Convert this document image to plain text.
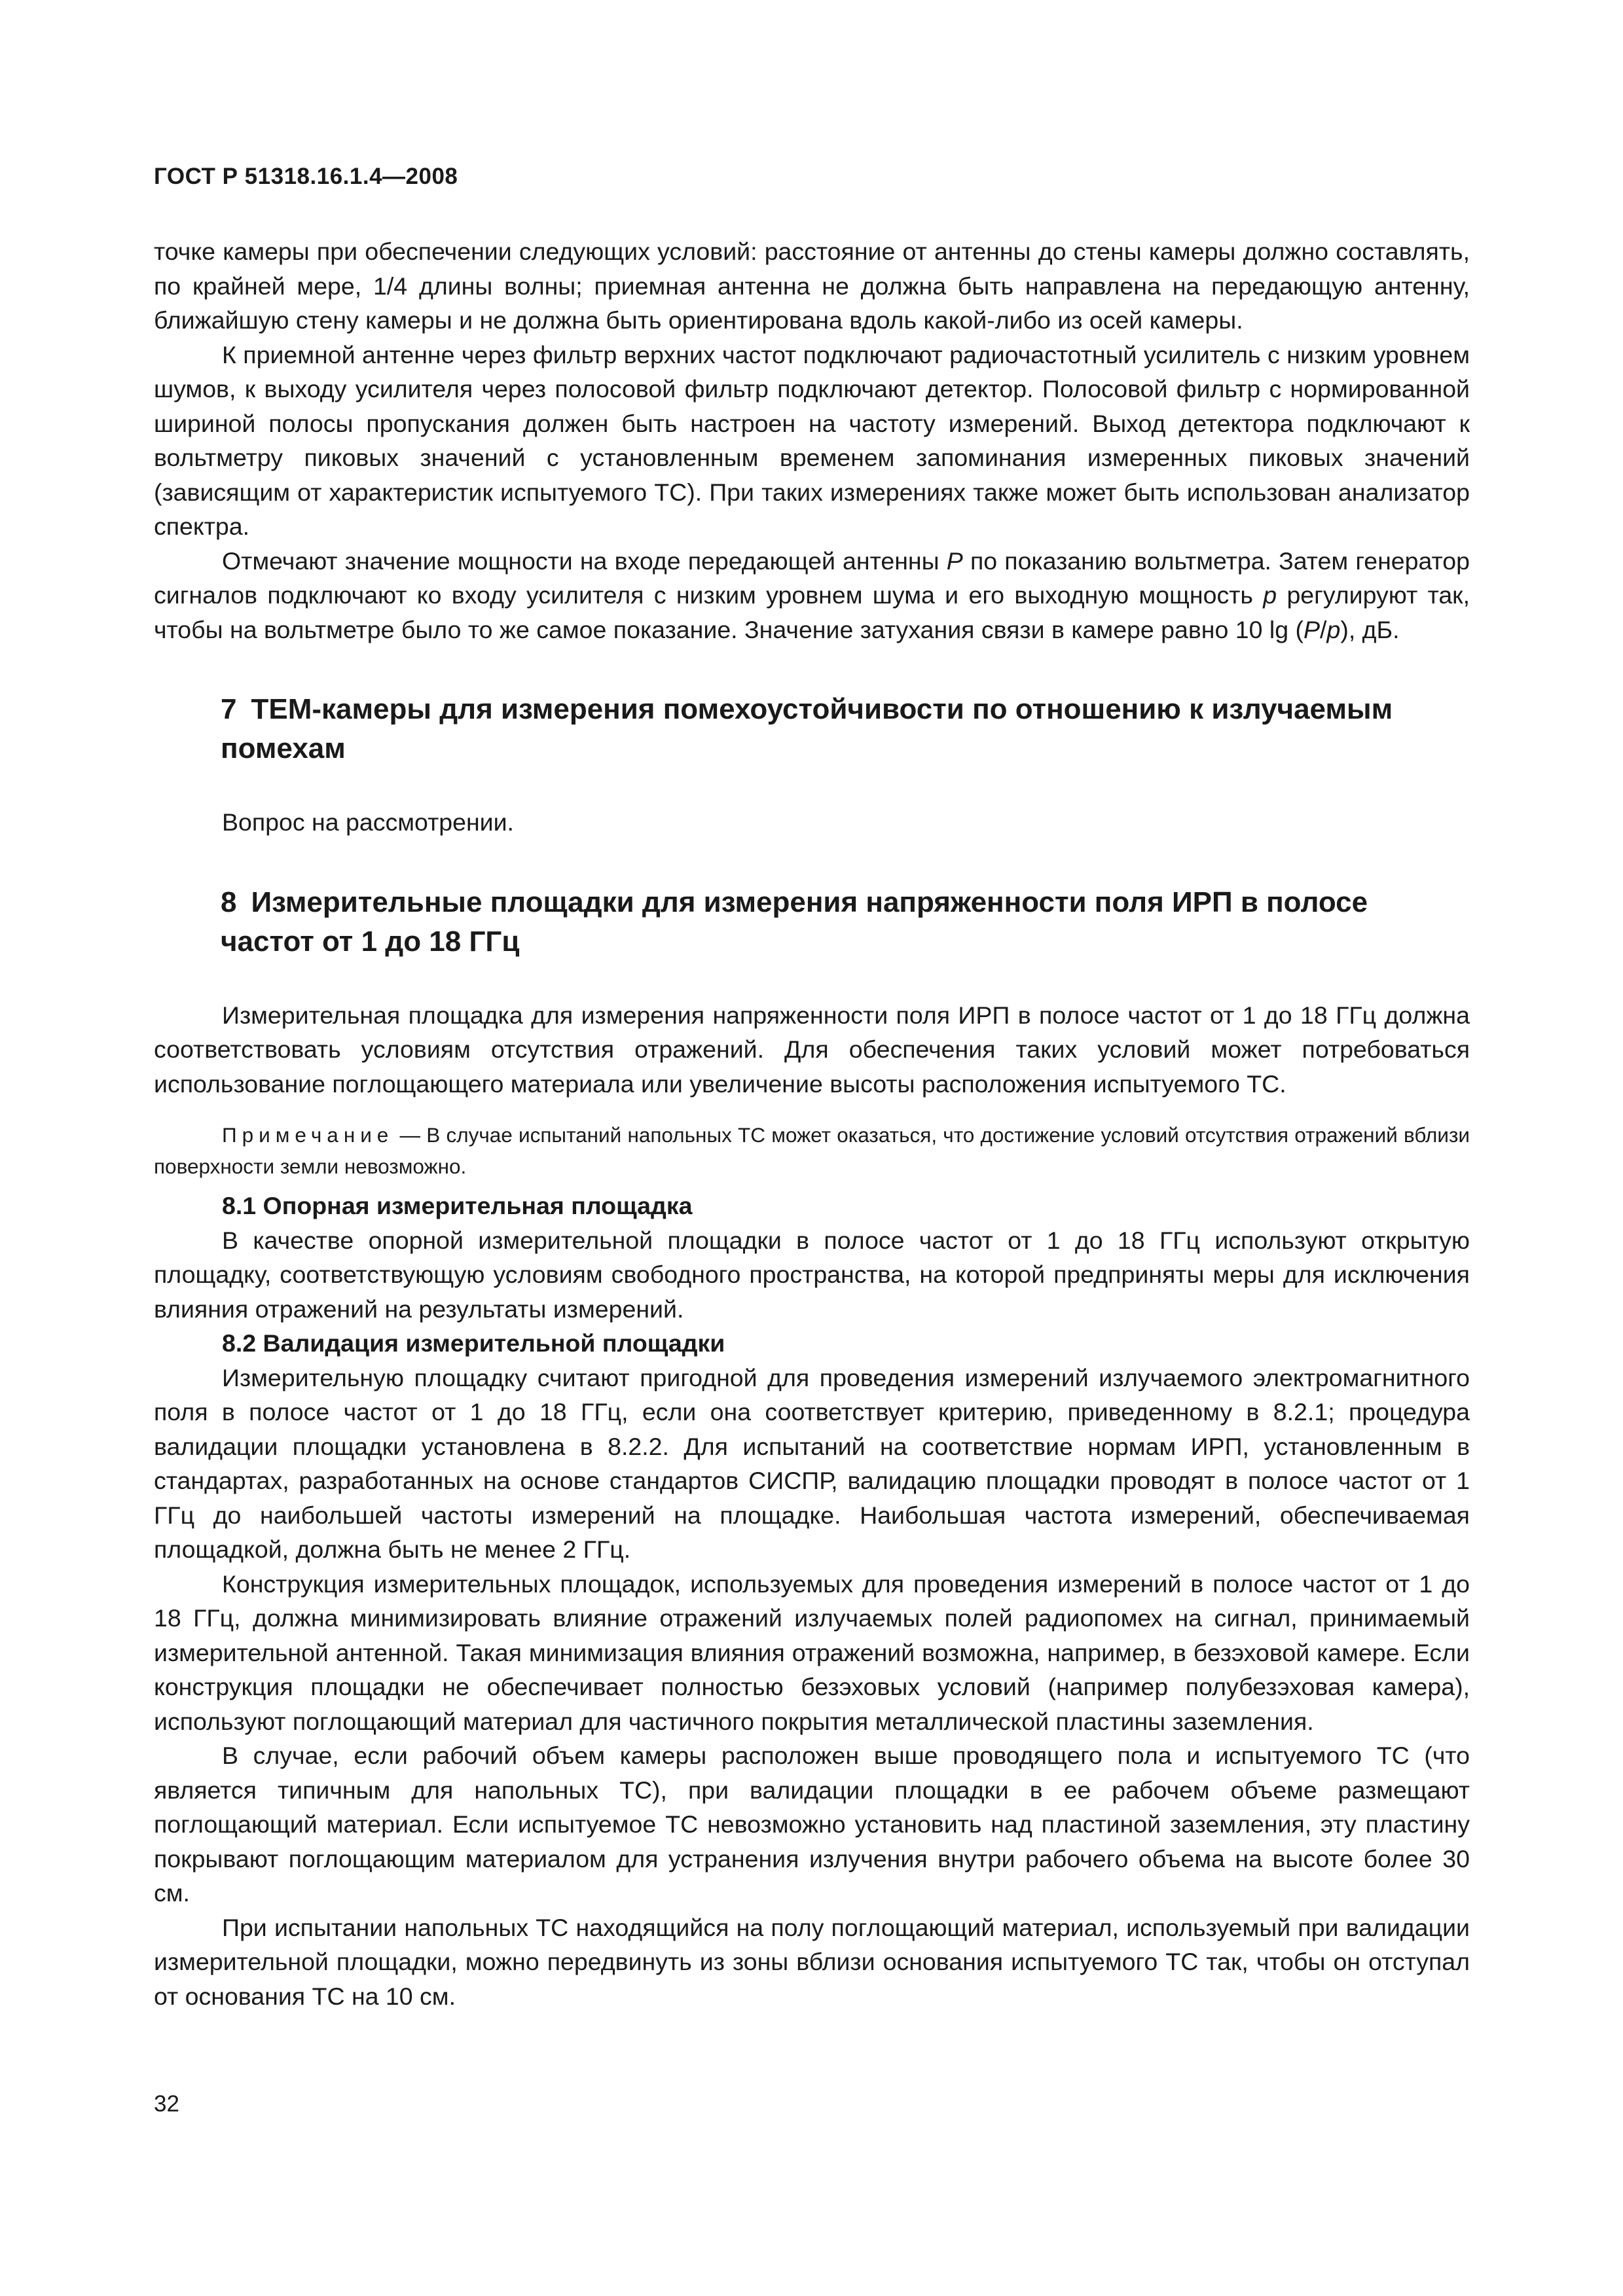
ГОСТ Р 51318.16.1.4—2008

точке камеры при обеспечении следующих условий: расстояние от антенны до стены камеры должно составлять, по крайней мере, 1/4 длины волны; приемная антенна не должна быть направлена на передающую антенну, ближайшую стену камеры и не должна быть ориентирована вдоль какой-либо из осей камеры.

К приемной антенне через фильтр верхних частот подключают радиочастотный усилитель с низким уровнем шумов, к выходу усилителя через полосовой фильтр подключают детектор. Полосовой фильтр с нормированной шириной полосы пропускания должен быть настроен на частоту измерений. Выход детектора подключают к вольтметру пиковых значений с установленным временем запоминания измеренных пиковых значений (зависящим от характеристик испытуемого ТС). При таких измерениях также может быть использован анализатор спектра.

Отмечают значение мощности на входе передающей антенны P по показанию вольтметра. Затем генератор сигналов подключают ко входу усилителя с низким уровнем шума и его выходную мощность p регулируют так, чтобы на вольтметре было то же самое показание. Значение затухания связи в камере равно 10 lg (P/p), дБ.

7 ТЕМ-камеры для измерения помехоустойчивости по отношению к излучаемым помехам

Вопрос на рассмотрении.

8 Измерительные площадки для измерения напряженности поля ИРП в полосе частот от 1 до 18 ГГц

Измерительная площадка для измерения напряженности поля ИРП в полосе частот от 1 до 18 ГГц должна соответствовать условиям отсутствия отражений. Для обеспечения таких условий может потребоваться использование поглощающего материала или увеличение высоты расположения испытуемого ТС.

Примечание — В случае испытаний напольных ТС может оказаться, что достижение условий отсутствия отражений вблизи поверхности земли невозможно.
8.1 Опорная измерительная площадка

В качестве опорной измерительной площадки в полосе частот от 1 до 18 ГГц используют открытую площадку, соответствующую условиям свободного пространства, на которой предприняты меры для исключения влияния отражений на результаты измерений.

8.2 Валидация измерительной площадки

Измерительную площадку считают пригодной для проведения измерений излучаемого электромагнитного поля в полосе частот от 1 до 18 ГГц, если она соответствует критерию, приведенному в 8.2.1; процедура валидации площадки установлена в 8.2.2. Для испытаний на соответствие нормам ИРП, установленным в стандартах, разработанных на основе стандартов СИСПР, валидацию площадки проводят в полосе частот от 1 ГГц до наибольшей частоты измерений на площадке. Наибольшая частота измерений, обеспечиваемая площадкой, должна быть не менее 2 ГГц.

Конструкция измерительных площадок, используемых для проведения измерений в полосе частот от 1 до 18 ГГц, должна минимизировать влияние отражений излучаемых полей радиопомех на сигнал, принимаемый измерительной антенной. Такая минимизация влияния отражений возможна, например, в безэховой камере. Если конструкция площадки не обеспечивает полностью безэховых условий (например полубезэховая камера), используют поглощающий материал для частичного покрытия металлической пластины заземления.

В случае, если рабочий объем камеры расположен выше проводящего пола и испытуемого ТС (что является типичным для напольных ТС), при валидации площадки в ее рабочем объеме размещают поглощающий материал. Если испытуемое ТС невозможно установить над пластиной заземления, эту пластину покрывают поглощающим материалом для устранения излучения внутри рабочего объема на высоте более 30 см.

При испытании напольных ТС находящийся на полу поглощающий материал, используемый при валидации измерительной площадки, можно передвинуть из зоны вблизи основания испытуемого ТС так, чтобы он отступал от основания ТС на 10 см.

32
